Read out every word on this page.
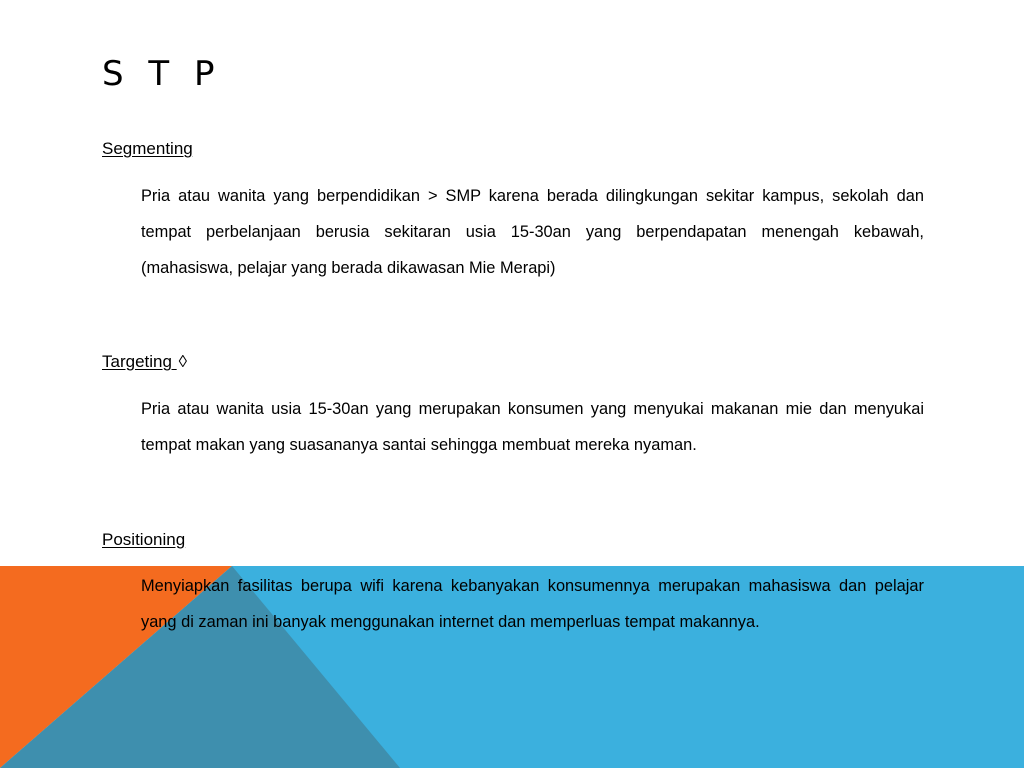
S T P

Segmenting

Pria atau wanita yang berpendidikan > SMP karena berada dilingkungan sekitar kampus, sekolah dan tempat perbelanjaan berusia sekitaran usia 15-30an yang berpendapatan menengah kebawah, (mahasiswa, pelajar yang berada dikawasan Mie Merapi)

Targeting ◊

Pria atau wanita usia 15-30an yang merupakan konsumen yang menyukai makanan mie dan menyukai tempat makan yang suasananya santai sehingga membuat mereka nyaman.

Positioning

Menyiapkan fasilitas berupa wifi karena kebanyakan konsumennya merupakan mahasiswa dan pelajar yang di zaman ini banyak menggunakan internet dan memperluas tempat makannya.
